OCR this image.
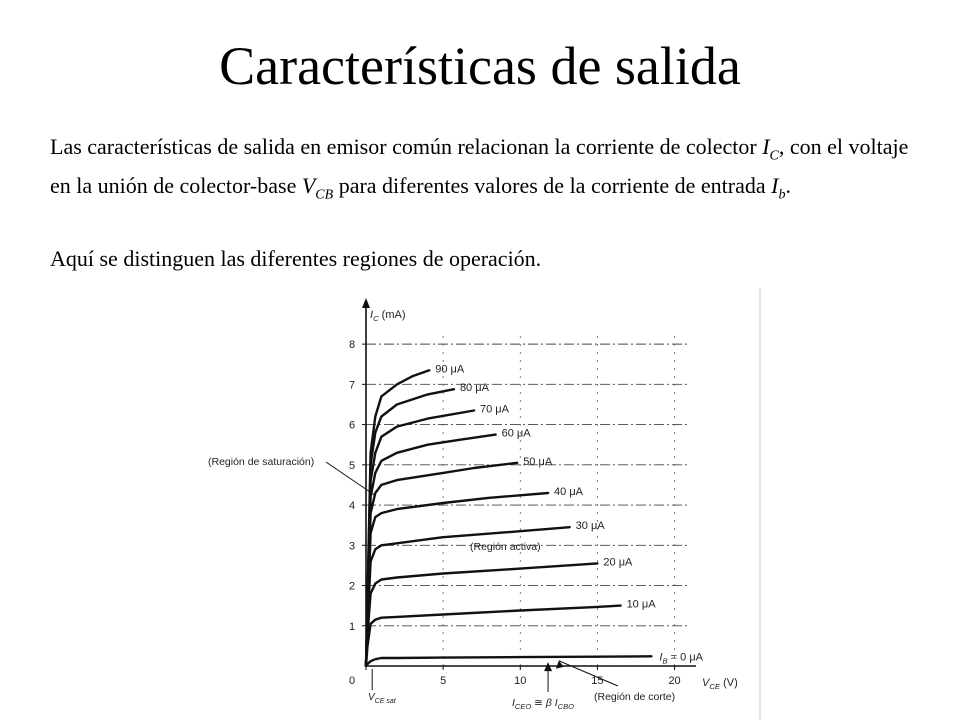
Características de salida
Las características de salida en emisor común relacionan la corriente de colector $I_C$, con el voltaje en la unión de colector-base $V_{CB}$ para diferentes valores de la corriente de entrada $I_b$.
Aquí se distinguen las diferentes regiones de operación.
1
2
3
4
5
6
7
8
0	5	10	15	20
$I_C$ (mA)
$V_{CE}$ (V)
$I_B = 0$ μA
10 μA
20 μA
30 μA
40 μA
50 μA
60 μA
70 μA
80 μA
90 μA
(Región de saturación)
(Región activa)
(Región de corte)
$V_{CE sat}$	$I_{CEO}$ ≅ β $I_{CBO}$
